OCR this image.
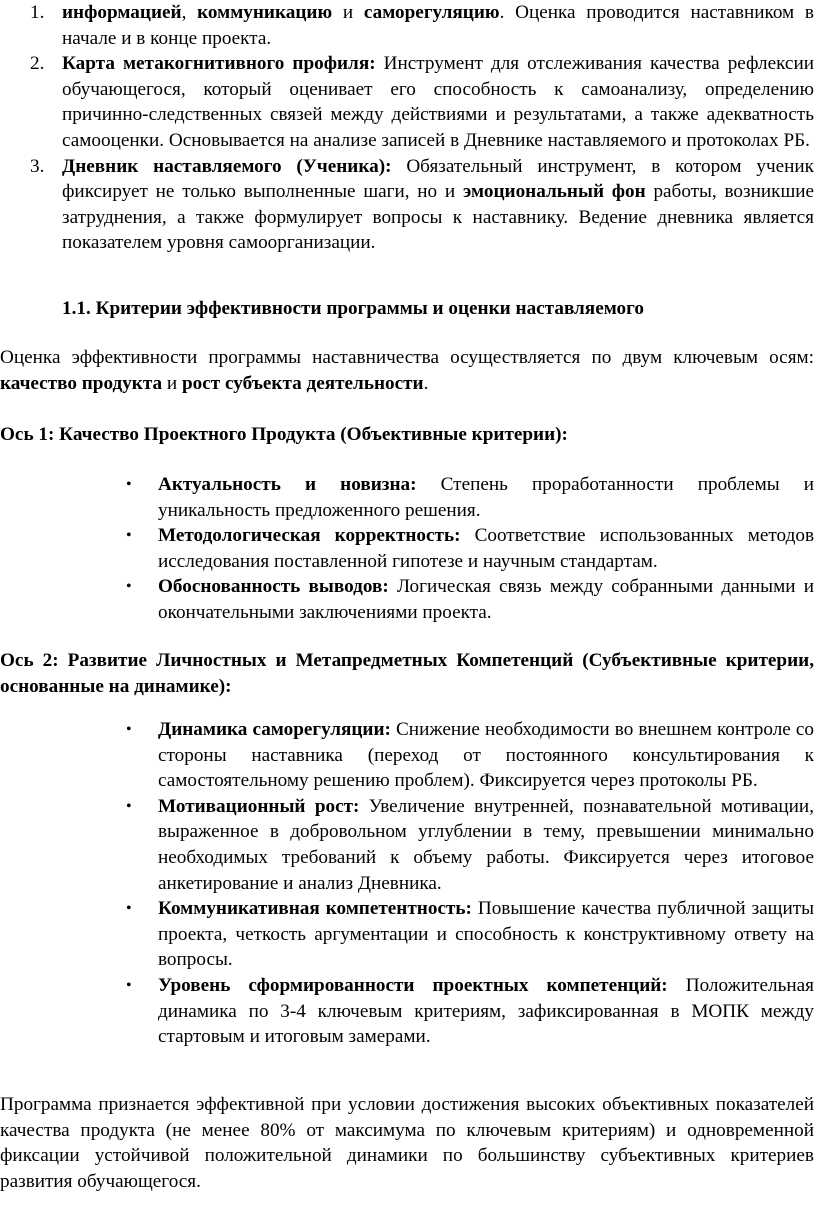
1. информацией, коммуникацию и саморегуляцию. Оценка проводится наставником в начале и в конце проекта.

2. Карта метакогнитивного профиля: Инструмент для отслеживания качества рефлексии обучающегося, который оценивает его способность к самоанализу, определению причинно-следственных связей между действиями и результатами, а также адекватность самооценки. Основывается на анализе записей в Дневнике наставляемого и протоколах РБ.

3. Дневник наставляемого (Ученика): Обязательный инструмент, в котором ученик фиксирует не только выполненные шаги, но и эмоциональный фон работы, возникшие затруднения, а также формулирует вопросы к наставнику. Ведение дневника является показателем уровня самоорганизации.

1.1. Критерии эффективности программы и оценки наставляемого

Оценка эффективности программы наставничества осуществляется по двум ключевым осям: качество продукта и рост субъекта деятельности.

Ось 1: Качество Проектного Продукта (Объективные критерии):

• Актуальность и новизна: Степень проработанности проблемы и уникальность предложенного решения.
• Методологическая корректность: Соответствие использованных методов исследования поставленной гипотезе и научным стандартам.
• Обоснованность выводов: Логическая связь между собранными данными и окончательными заключениями проекта.

Ось 2: Развитие Личностных и Метапредметных Компетенций (Субъективные критерии, основанные на динамике):

• Динамика саморегуляции: Снижение необходимости во внешнем контроле со стороны наставника (переход от постоянного консультирования к самостоятельному решению проблем). Фиксируется через протоколы РБ.
• Мотивационный рост: Увеличение внутренней, познавательной мотивации, выраженное в добровольном углублении в тему, превышении минимально необходимых требований к объему работы. Фиксируется через итоговое анкетирование и анализ Дневника.
• Коммуникативная компетентность: Повышение качества публичной защиты проекта, четкость аргументации и способность к конструктивному ответу на вопросы.
• Уровень сформированности проектных компетенций: Положительная динамика по 3-4 ключевым критериям, зафиксированная в МОПК между стартовым и итоговым замерами.

Программа признается эффективной при условии достижения высоких объективных показателей качества продукта (не менее 80% от максимума по ключевым критериям) и одновременной фиксации устойчивой положительной динамики по большинству субъективных критериев развития обучающегося.
